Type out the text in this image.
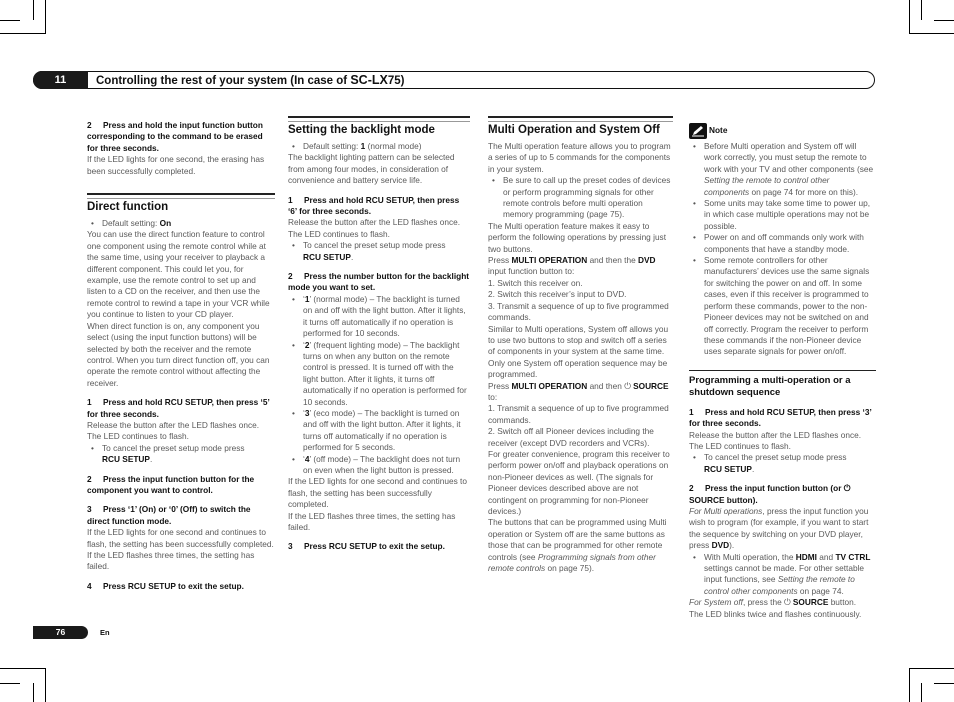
11	Controlling the rest of your system (In case of SC-LX75)

2 Press and hold the input function button corresponding to the command to be erased for three seconds.

If the LED lights for one second, the erasing has been successfully completed.

Direct function

• Default setting: On

You can use the direct function feature to control one component using the remote control while at the same time, using your receiver to playback a different component. This could let you, for example, use the remote control to set up and listen to a CD on the receiver, and then use the remote control to rewind a tape in your VCR while you continue to listen to your CD player.

When direct function is on, any component you select (using the input function buttons) will be selected by both the receiver and the remote control. When you turn direct function off, you can operate the remote control without affecting the receiver.

1 Press and hold RCU SETUP, then press ‘5’ for three seconds.

Release the button after the LED flashes once. The LED continues to flash.

• To cancel the preset setup mode press
RCU SETUP.

2 Press the input function button for the component you want to control.

3 Press ‘1’ (On) or ‘0’ (Off) to switch the direct function mode.

If the LED lights for one second and continues to flash, the setting has been successfully completed.

If the LED flashes three times, the setting has failed.

4 Press RCU SETUP to exit the setup.

Setting the backlight mode

• Default setting: 1 (normal mode)

The backlight lighting pattern can be selected from among four modes, in consideration of convenience and battery service life.

1 Press and hold RCU SETUP, then press ‘6’ for three seconds.

Release the button after the LED flashes once. The LED continues to flash.

• To cancel the preset setup mode press
RCU SETUP.

2 Press the number button for the backlight mode you want to set.

• ‘1’ (normal mode) – The backlight is turned on and off with the light button. After it lights, it turns off automatically if no operation is performed for 10 seconds.

• ‘2’ (frequent lighting mode) – The backlight turns on when any button on the remote control is pressed. It is turned off with the light button. After it lights, it turns off automatically if no operation is performed for 10 seconds.

• ‘3’ (eco mode) – The backlight is turned on and off with the light button. After it lights, it turns off automatically if no operation is performed for 5 seconds.

• ‘4’ (off mode) – The backlight does not turn on even when the light button is pressed.

If the LED lights for one second and continues to flash, the setting has been successfully completed.

If the LED flashes three times, the setting has failed.

3 Press RCU SETUP to exit the setup.

Multi Operation and System Off

The Multi operation feature allows you to program a series of up to 5 commands for the components in your system.

• Be sure to call up the preset codes of devices or perform programming signals for other remote controls before multi operation memory programming (page 75).

The Multi operation feature makes it easy to perform the following operations by pressing just two buttons.

Press MULTI OPERATION and then the DVD input function button to:

1. Switch this receiver on.

2. Switch this receiver’s input to DVD.

3. Transmit a sequence of up to five programmed commands.

Similar to Multi operations, System off allows you to use two buttons to stop and switch off a series of components in your system at the same time. Only one System off operation sequence may be programmed.

Press MULTI OPERATION and then ⏻ SOURCE
to:

1. Transmit a sequence of up to five programmed commands.

2. Switch off all Pioneer devices including the receiver (except DVD recorders and VCRs).

For greater convenience, program this receiver to perform power on/off and playback operations on non-Pioneer devices as well. (The signals for Pioneer devices described above are not contingent on programming for non-Pioneer devices.)

The buttons that can be programmed using Multi operation or System off are the same buttons as those that can be programmed for other remote controls (see Programming signals from other remote controls on page 75).

Note

• Before Multi operation and System off will work correctly, you must setup the remote to work with your TV and other components (see Setting the remote to control other components on page 74 for more on this).

• Some units may take some time to power up, in which case multiple operations may not be possible.

• Power on and off commands only work with components that have a standby mode.

• Some remote controllers for other manufacturers’ devices use the same signals for switching the power on and off. In some cases, even if this receiver is programmed to perform these commands, power to the non-Pioneer devices may not be switched on and off correctly. Program the receiver to perform these commands if the non-Pioneer device uses separate signals for power on/off.

Programming a multi-operation or a shutdown sequence

1 Press and hold RCU SETUP, then press ‘3’ for three seconds.

Release the button after the LED flashes once. The LED continues to flash.

• To cancel the preset setup mode press
RCU SETUP.

2 Press the input function button (or ⏻ SOURCE button).

For Multi operations, press the input function you wish to program (for example, if you want to start the sequence by switching on your DVD player, press DVD).

• With Multi operation, the HDMI and TV CTRL settings cannot be made. For other settable input functions, see Setting the remote to control other components on page 74.

For System off, press the ⏻ SOURCE button.

The LED blinks twice and flashes continuously.

76	En
